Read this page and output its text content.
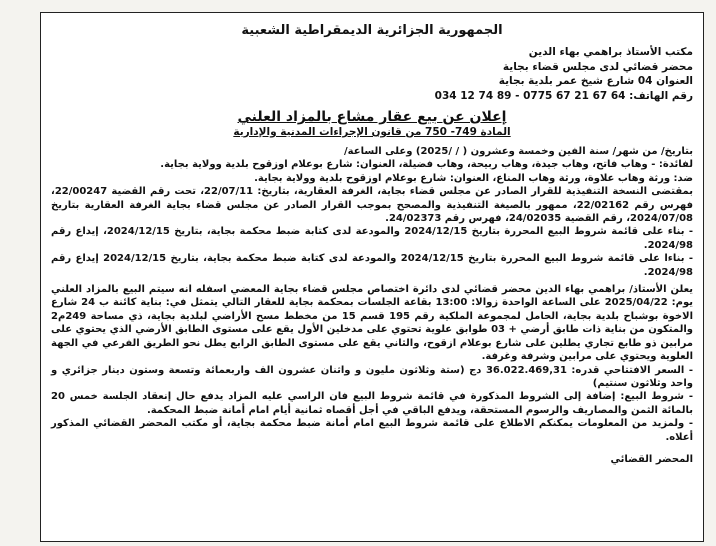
الجمهورية الجزائرية الديمقراطية الشعبية
مكتب الأستاذ براهمي بهاء الدين
محضر قضائي لدى مجلس قضاء بجاية
العنوان 04 شارع شيخ عمر بلدية بجاية
رقم الهاتف: 64 67 21 67 0775 - 89 74 12 034
إعلان عن بيع عقار مشاع بالمزاد العلني
المادة 749- 750 من قانون الإجراءات المدنية والإدارية

بتاريخ/ من شهر/ سنة الفين وخمسة وعشرون ( / /2025) وعلى الساعة/

لفائدة: - وهاب فاتح، وهاب جيدة، وهاب ربيحة، وهاب فضيلة، العنوان: شارع بوعلام اوزقوح بلدية وولاية بجاية.

ضد: ورثة وهاب علاوة، ورثة وهاب المناع، العنوان: شارع بوعلام اوزقوح بلدية وولاية بجاية.

بمقتضى النسخة التنفيذية للقرار الصادر عن مجلس قضاء بجاية، الغرفة العقارية، بتاريخ: 22/07/11، تحت رقم القضية 22/00247، فهرس رقم 22/02162، ممهور بالصيغة التنفيذية والمصحح بموجب القرار الصادر عن مجلس قضاء بجاية الغرفة العقارية بتاريخ 2024/07/08، رقم القضية 24/02035، فهرس رقم 24/02373.

- بناء على قائمة شروط البيع المحررة بتاريخ 2024/12/15 والمودعة لدى كتابة ضبط محكمة بجاية، بتاريخ 2024/12/15، إيداع رقم 2024/98.

- بناءا على قائمة شروط البيع المحررة بتاريخ 2024/12/15 والمودعة لدى كتابة ضبط محكمة بجاية، بتاريخ 2024/12/15 إيداع رقم 2024/98.

يعلن الأستاذ/ براهمي بهاء الدين محضر قضائي لدى دائرة اختصاص مجلس قضاء بجاية المعضي اسفله انه سيتم البيع بالمزاد العلني يوم: 2025/04/22 على الساعة الواحدة زوالا: 13:00 بقاعة الجلسات بمحكمة بجاية للعقار التالي يتمثل في: بناية كائنة ب 24 شارع الاخوة بوشباح بلدية بجاية، الحامل لمجموعة الملكية رقم 195 قسم 15 من مخطط مسح الأراضي لبلدية بجاية، ذي مساحة 249م2 والمتكون من بناية ذات طابق أرضي + 03 طوابق علوية تحتوي على مدخلين الأول يقع على مستوى الطابق الأرضي الذي يحتوي على مرابين ذو طابع تجاري يطلين على شارع بوعلام ازقوح، والثاني يقع على مستوى الطابق الرابع يطل نحو الطريق الفرعي في الجهة العلوية ويحتوي على مرابين وشرفة وغرفة.

- السعر الافتتاحي قدره: 36.022.469,31 دج (ستة وثلاثون مليون و واثنان عشرون الف واربعمائة وتسعة وستون دينار جزائري و واحد وثلاثون سنتيم)

- شروط البيع: إضافة إلى الشروط المذكورة في قائمة شروط البيع فان الراسي عليه المزاد يدفع حال إنعقاد الجلسة خمس 20 بالمائة الثمن والمصاريف والرسوم المستحقة، ويدفع الباقي في أجل أقصاه ثمانية أيام امام أمانة ضبط المحكمة.

- ولمزيد من المعلومات يمكنكم الاطلاع على قائمة شروط البيع امام أمانة ضبط محكمة بجاية، أو مكتب المحضر القضائي المذكور أعلاه.

المحضر القضائي
